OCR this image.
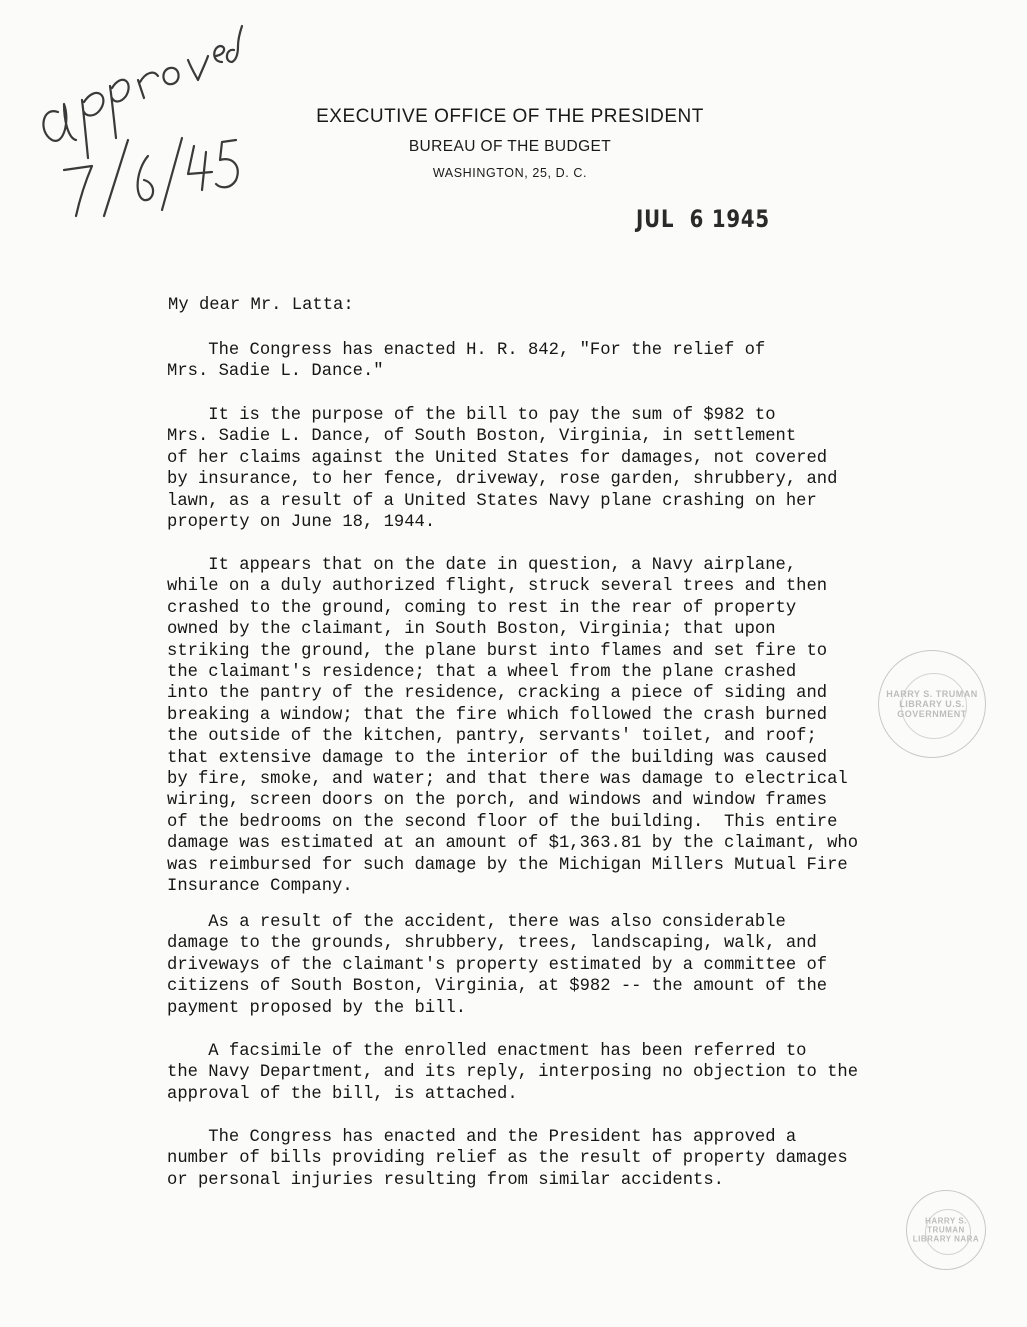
EXECUTIVE OFFICE OF THE PRESIDENT
BUREAU OF THE BUDGET
WASHINGTON, 25, D. C.
JUL  6 1945
My dear Mr. Latta:
The Congress has enacted H. R. 842, "For the relief of
Mrs. Sadie L. Dance."
It is the purpose of the bill to pay the sum of $982 to
Mrs. Sadie L. Dance, of South Boston, Virginia, in settlement
of her claims against the United States for damages, not covered
by insurance, to her fence, driveway, rose garden, shrubbery, and
lawn, as a result of a United States Navy plane crashing on her
property on June 18, 1944.
It appears that on the date in question, a Navy airplane,
while on a duly authorized flight, struck several trees and then
crashed to the ground, coming to rest in the rear of property
owned by the claimant, in South Boston, Virginia; that upon
striking the ground, the plane burst into flames and set fire to
the claimant's residence; that a wheel from the plane crashed
into the pantry of the residence, cracking a piece of siding and
breaking a window; that the fire which followed the crash burned
the outside of the kitchen, pantry, servants' toilet, and roof;
that extensive damage to the interior of the building was caused
by fire, smoke, and water; and that there was damage to electrical
wiring, screen doors on the porch, and windows and window frames
of the bedrooms on the second floor of the building.  This entire
damage was estimated at an amount of $1,363.81 by the claimant, who
was reimbursed for such damage by the Michigan Millers Mutual Fire
Insurance Company.
As a result of the accident, there was also considerable
damage to the grounds, shrubbery, trees, landscaping, walk, and
driveways of the claimant's property estimated by a committee of
citizens of South Boston, Virginia, at $982 -- the amount of the
payment proposed by the bill.
A facsimile of the enrolled enactment has been referred to
the Navy Department, and its reply, interposing no objection to the
approval of the bill, is attached.
The Congress has enacted and the President has approved a
number of bills providing relief as the result of property damages
or personal injuries resulting from similar accidents.
HARRY S. TRUMAN LIBRARY U.S. GOVERNMENT
HARRY S. TRUMAN LIBRARY NARA
